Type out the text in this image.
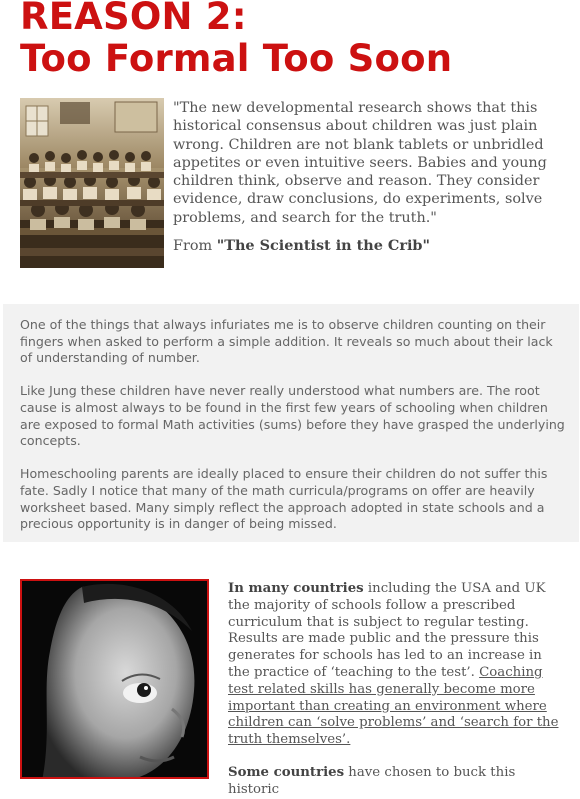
REASON 2:
Too Formal Too Soon

"The new developmental research shows that this historical consensus about children was just plain wrong. Children are not blank tablets or unbridled appetites or even intuitive seers. Babies and young children think, observe and reason. They consider evidence, draw conclusions, do experiments, solve problems, and search for the truth."

From "The Scientist in the Crib"

One of the things that always infuriates me is to observe children counting on their fingers when asked to perform a simple addition. It reveals so much about their lack of understanding of number.

Like Jung these children have never really understood what numbers are. The root cause is almost always to be found in the first few years of schooling when children are exposed to formal Math activities (sums) before they have grasped the underlying concepts.

Homeschooling parents are ideally placed to ensure their children do not suffer this fate. Sadly I notice that many of the math curricula/programs on offer are heavily worksheet based. Many simply reflect the approach adopted in state schools and a precious opportunity is in danger of being missed.

In many countries including the USA and UK the majority of schools follow a prescribed curriculum that is subject to regular testing. Results are made public and the pressure this generates for schools has led to an increase in the practice of ‘teaching to the test’. Coaching test related skills has generally become more important than creating an environment where children can ‘solve problems’ and ‘search for the truth themselves’.

Some countries have chosen to buck this historic
